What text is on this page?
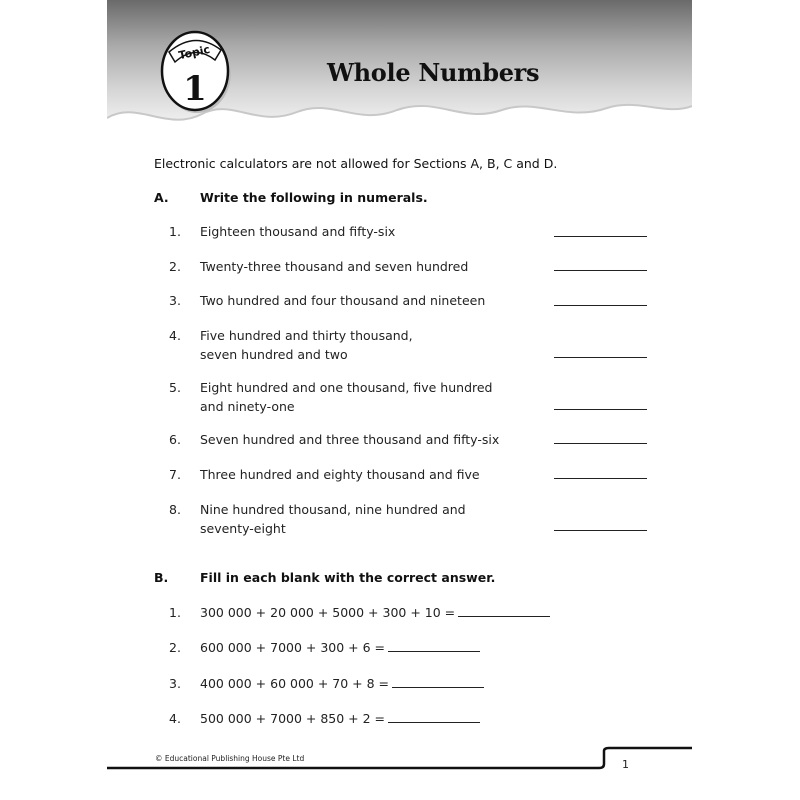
Topic
1	Whole Numbers
Electronic calculators are not allowed for Sections A, B, C and D.
A.	Write the following in numerals.
1. Eighteen thousand and fifty-six
2. Twenty-three thousand and seven hundred
3. Two hundred and four thousand and nineteen
4. Five hundred and thirty thousand,
seven hundred and two
5. Eight hundred and one thousand, five hundred
and ninety-one
6. Seven hundred and three thousand and fifty-six
7. Three hundred and eighty thousand and five
8. Nine hundred thousand, nine hundred and
seventy-eight
B.	Fill in each blank with the correct answer.
1. 300 000 + 20 000 + 5000 + 300 + 10 =
2. 600 000 + 7000 + 300 + 6 =
3. 400 000 + 60 000 + 70 + 8 =
4. 500 000 + 7000 + 850 + 2 =
© Educational Publishing House Pte Ltd	1
